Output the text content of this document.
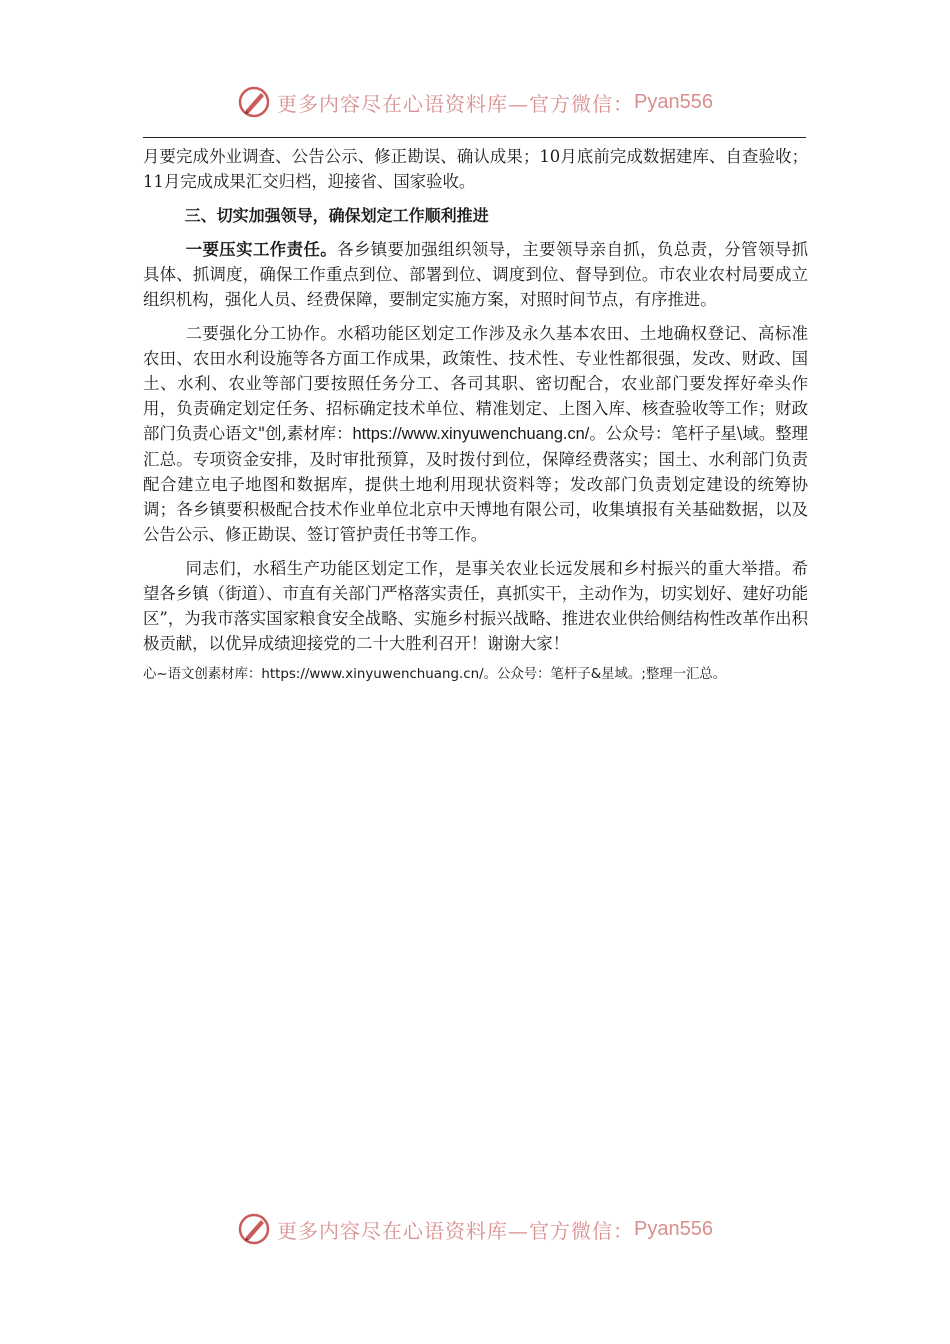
更多内容尽在心语资料库—官方微信： Pyan556

月要完成外业调查、公告公示、修正勘误、确认成果；10月底前完成数据建库、自查验收；11月完成成果汇交归档，迎接省、国家验收。

三、切实加强领导，确保划定工作顺利推进

一要压实工作责任。各乡镇要加强组织领导，主要领导亲自抓，负总责，分管领导抓具体、抓调度，确保工作重点到位、部署到位、调度到位、督导到位。市农业农村局要成立组织机构，强化人员、经费保障，要制定实施方案，对照时间节点，有序推进。

二要强化分工协作。水稻功能区划定工作涉及永久基本农田、土地确权登记、高标准农田、农田水利设施等各方面工作成果，政策性、技术性、专业性都很强，发改、财政、国土、水利、农业等部门要按照任务分工、各司其职、密切配合，农业部门要发挥好牵头作用，负责确定划定任务、招标确定技术单位、精准划定、上图入库、核查验收等工作；财政部门负责心语文"创,素材库：https://www.xinyuwenchuang.cn/。公众号：笔杆子星\域。整理汇总。专项资金安排，及时审批预算，及时拨付到位，保障经费落实；国土、水利部门负责配合建立电子地图和数据库，提供土地利用现状资料等；发改部门负责划定建设的统筹协调；各乡镇要积极配合技术作业单位北京中天博地有限公司，收集填报有关基础数据，以及公告公示、修正勘误、签订管护责任书等工作。

同志们，水稻生产功能区划定工作，是事关农业长远发展和乡村振兴的重大举措。希望各乡镇（街道）、市直有关部门严格落实责任，真抓实干，主动作为，切实划好、建好功能区”，为我市落实国家粮食安全战略、实施乡村振兴战略、推进农业供给侧结构性改革作出积极贡献，以优异成绩迎接党的二十大胜利召开！谢谢大家！

心~语文创素材库：https://www.xinyuwenchuang.cn/。公众号：笔杆子&星域。;整理一汇总。
更多内容尽在心语资料库—官方微信： Pyan556
